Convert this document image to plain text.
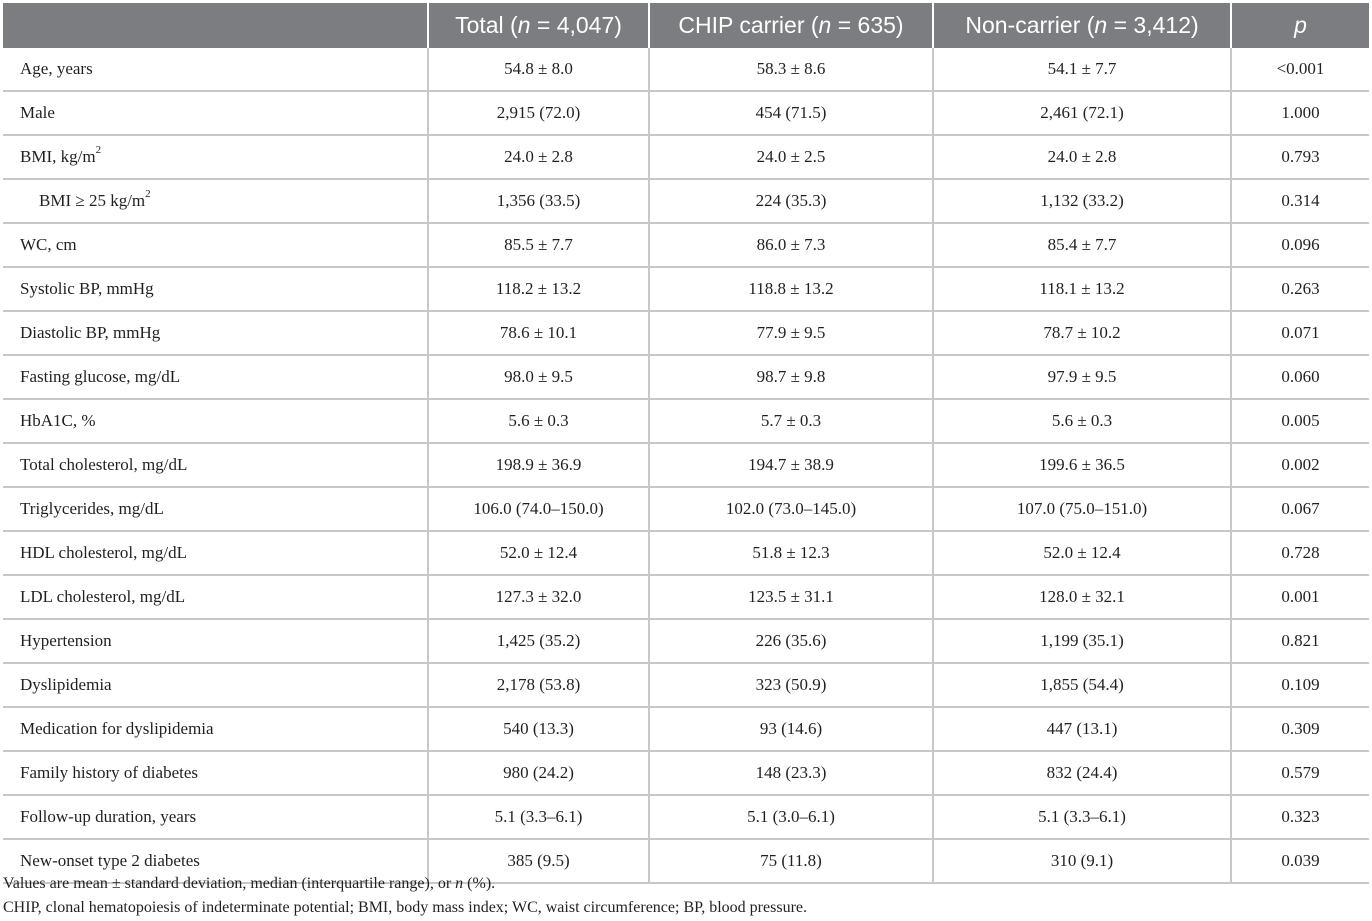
	Total (n = 4,047)	CHIP carrier (n = 635)	Non-carrier (n = 3,412)	p
Age, years	54.8 ± 8.0	58.3 ± 8.6	54.1 ± 7.7	<0.001
Male	2,915 (72.0)	454 (71.5)	2,461 (72.1)	1.000
BMI, $kg/m^2$	24.0 ± 2.8	24.0 ± 2.5	24.0 ± 2.8	0.793
BMI ≥ 25 $kg/m^2$	1,356 (33.5)	224 (35.3)	1,132 (33.2)	0.314
WC, cm	85.5 ± 7.7	86.0 ± 7.3	85.4 ± 7.7	0.096
Systolic BP, mmHg	118.2 ± 13.2	118.8 ± 13.2	118.1 ± 13.2	0.263
Diastolic BP, mmHg	78.6 ± 10.1	77.9 ± 9.5	78.7 ± 10.2	0.071
Fasting glucose, mg/dL	98.0 ± 9.5	98.7 ± 9.8	97.9 ± 9.5	0.060
HbA1C, %	5.6 ± 0.3	5.7 ± 0.3	5.6 ± 0.3	0.005
Total cholesterol, mg/dL	198.9 ± 36.9	194.7 ± 38.9	199.6 ± 36.5	0.002
Triglycerides, mg/dL	106.0 (74.0–150.0)	102.0 (73.0–145.0)	107.0 (75.0–151.0)	0.067
HDL cholesterol, mg/dL	52.0 ± 12.4	51.8 ± 12.3	52.0 ± 12.4	0.728
LDL cholesterol, mg/dL	127.3 ± 32.0	123.5 ± 31.1	128.0 ± 32.1	0.001
Hypertension	1,425 (35.2)	226 (35.6)	1,199 (35.1)	0.821
Dyslipidemia	2,178 (53.8)	323 (50.9)	1,855 (54.4)	0.109
Medication for dyslipidemia	540 (13.3)	93 (14.6)	447 (13.1)	0.309
Family history of diabetes	980 (24.2)	148 (23.3)	832 (24.4)	0.579
Follow-up duration, years	5.1 (3.3–6.1)	5.1 (3.0–6.1)	5.1 (3.3–6.1)	0.323
New-onset type 2 diabetes	385 (9.5)	75 (11.8)	310 (9.1)	0.039
Values are mean ± standard deviation, median (interquartile range), or n (%).
CHIP, clonal hematopoiesis of indeterminate potential; BMI, body mass index; WC, waist circumference; BP, blood pressure.
